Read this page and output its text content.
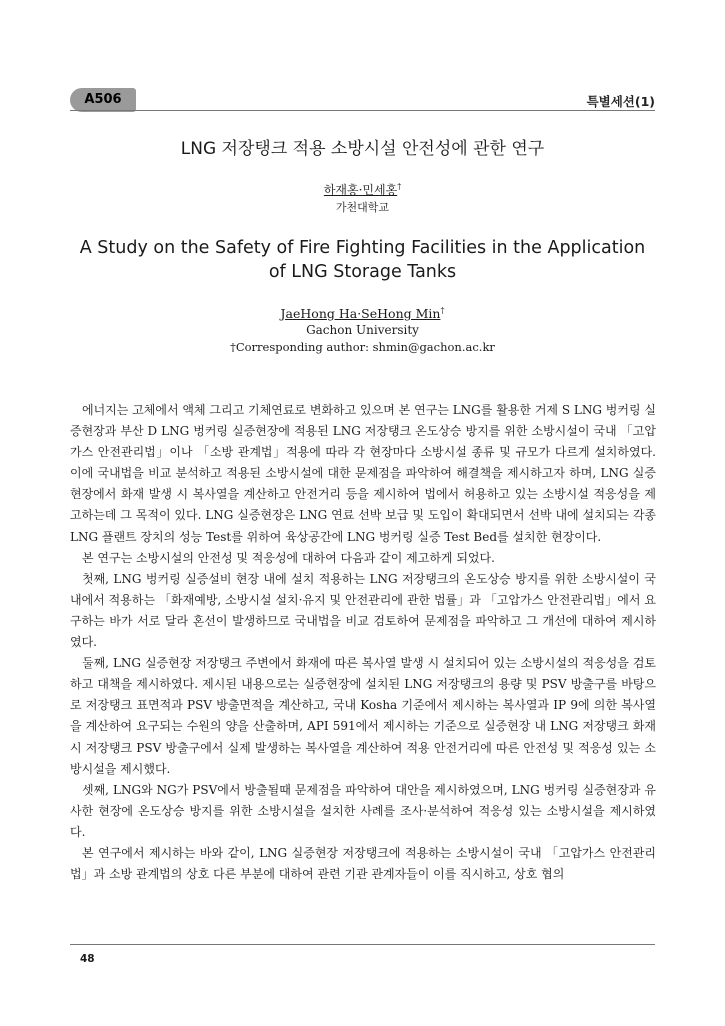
A506	특별세션(1)
LNG 저장탱크 적용 소방시설 안전성에 관한 연구
하재홍·민세홍†
가천대학교
A Study on the Safety of Fire Fighting Facilities in the Application of LNG Storage Tanks
JaeHong Ha·SeHong Min†
Gachon University
†Corresponding author: shmin@gachon.ac.kr

에너지는 고체에서 액체 그리고 기체연료로 변화하고 있으며 본 연구는 LNG를 활용한 거제 S LNG 벙커링 실증현장과 부산 D LNG 벙커링 실증현장에 적용된 LNG 저장탱크 온도상승 방지를 위한 소방시설이 국내 「고압가스 안전관리법」이나 「소방 관계법」적용에 따라 각 현장마다 소방시설 종류 및 규모가 다르게 설치하였다. 이에 국내법을 비교 분석하고 적용된 소방시설에 대한 문제점을 파악하여 해결책을 제시하고자 하며, LNG 실증현장에서 화재 발생 시 복사열을 계산하고 안전거리 등을 제시하여 법에서 허용하고 있는 소방시설 적응성을 제고하는데 그 목적이 있다. LNG 실증현장은 LNG 연료 선박 보급 및 도입이 확대되면서 선박 내에 설치되는 각종 LNG 플랜트 장치의 성능 Test를 위하여 육상공간에 LNG 벙커링 실증 Test Bed를 설치한 현장이다.

본 연구는 소방시설의 안전성 및 적응성에 대하여 다음과 같이 제고하게 되었다.

첫째, LNG 벙커링 실증설비 현장 내에 설치 적용하는 LNG 저장탱크의 온도상승 방지를 위한 소방시설이 국내에서 적용하는 「화재예방, 소방시설 설치·유지 및 안전관리에 관한 법률」과 「고압가스 안전관리법」에서 요구하는 바가 서로 달라 혼선이 발생하므로 국내법을 비교 검토하여 문제점을 파악하고 그 개선에 대하여 제시하였다.

둘째, LNG 실증현장 저장탱크 주변에서 화재에 따른 복사열 발생 시 설치되어 있는 소방시설의 적응성을 검토하고 대책을 제시하였다. 제시된 내용으로는 실증현장에 설치된 LNG 저장탱크의 용량 및 PSV 방출구를 바탕으로 저장탱크 표면적과 PSV 방출면적을 계산하고, 국내 Kosha 기준에서 제시하는 복사열과 IP 9에 의한 복사열을 계산하여 요구되는 수원의 양을 산출하며, API 591에서 제시하는 기준으로 실증현장 내 LNG 저장탱크 화재 시 저장탱크 PSV 방출구에서 실제 발생하는 복사열을 계산하여 적용 안전거리에 따른 안전성 및 적응성 있는 소방시설을 제시했다.

셋째, LNG와 NG가 PSV에서 방출될때 문제점을 파악하여 대안을 제시하였으며, LNG 벙커링 실증현장과 유사한 현장에 온도상승 방지를 위한 소방시설을 설치한 사례를 조사·분석하여 적응성 있는 소방시설을 제시하였다.

본 연구에서 제시하는 바와 같이, LNG 실증현장 저장탱크에 적용하는 소방시설이 국내 「고압가스 안전관리법」과 소방 관계법의 상호 다른 부분에 대하여 관련 기관 관계자들이 이를 직시하고, 상호 협의

48
